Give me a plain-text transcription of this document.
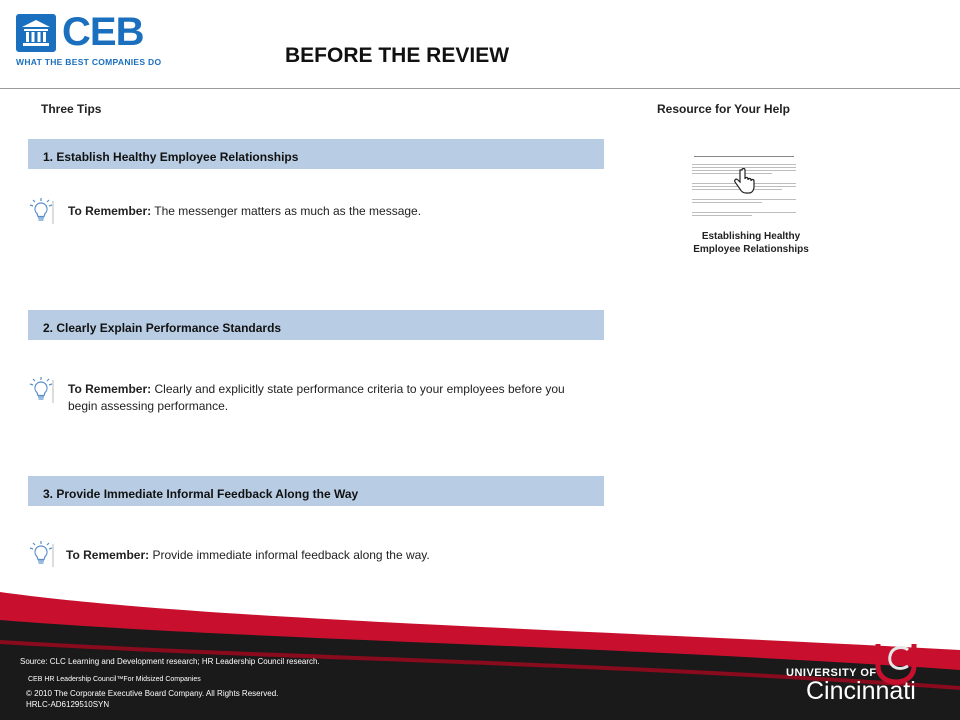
CEB
WHAT THE BEST COMPANIES DO	BEFORE THE REVIEW
Three Tips	Resource for Your Help
1. Establish Healthy Employee Relationships
To Remember: The messenger matters as much as the message.
2. Clearly Explain Performance Standards
To Remember: Clearly and explicitly state performance criteria to your employees before you begin assessing performance.
3. Provide Immediate Informal Feedback Along the Way
To Remember: Provide immediate informal feedback along the way.
Establishing Healthy
Employee Relationships
Source: CLC Learning and Development research; HR Leadership Council research.
CEB HR Leadership Council™For Midsized Companies
© 2010 The Corporate Executive Board Company. All Rights Reserved.
HRLC-AD6129510SYN
UNIVERSITY OF
Cincinnati
